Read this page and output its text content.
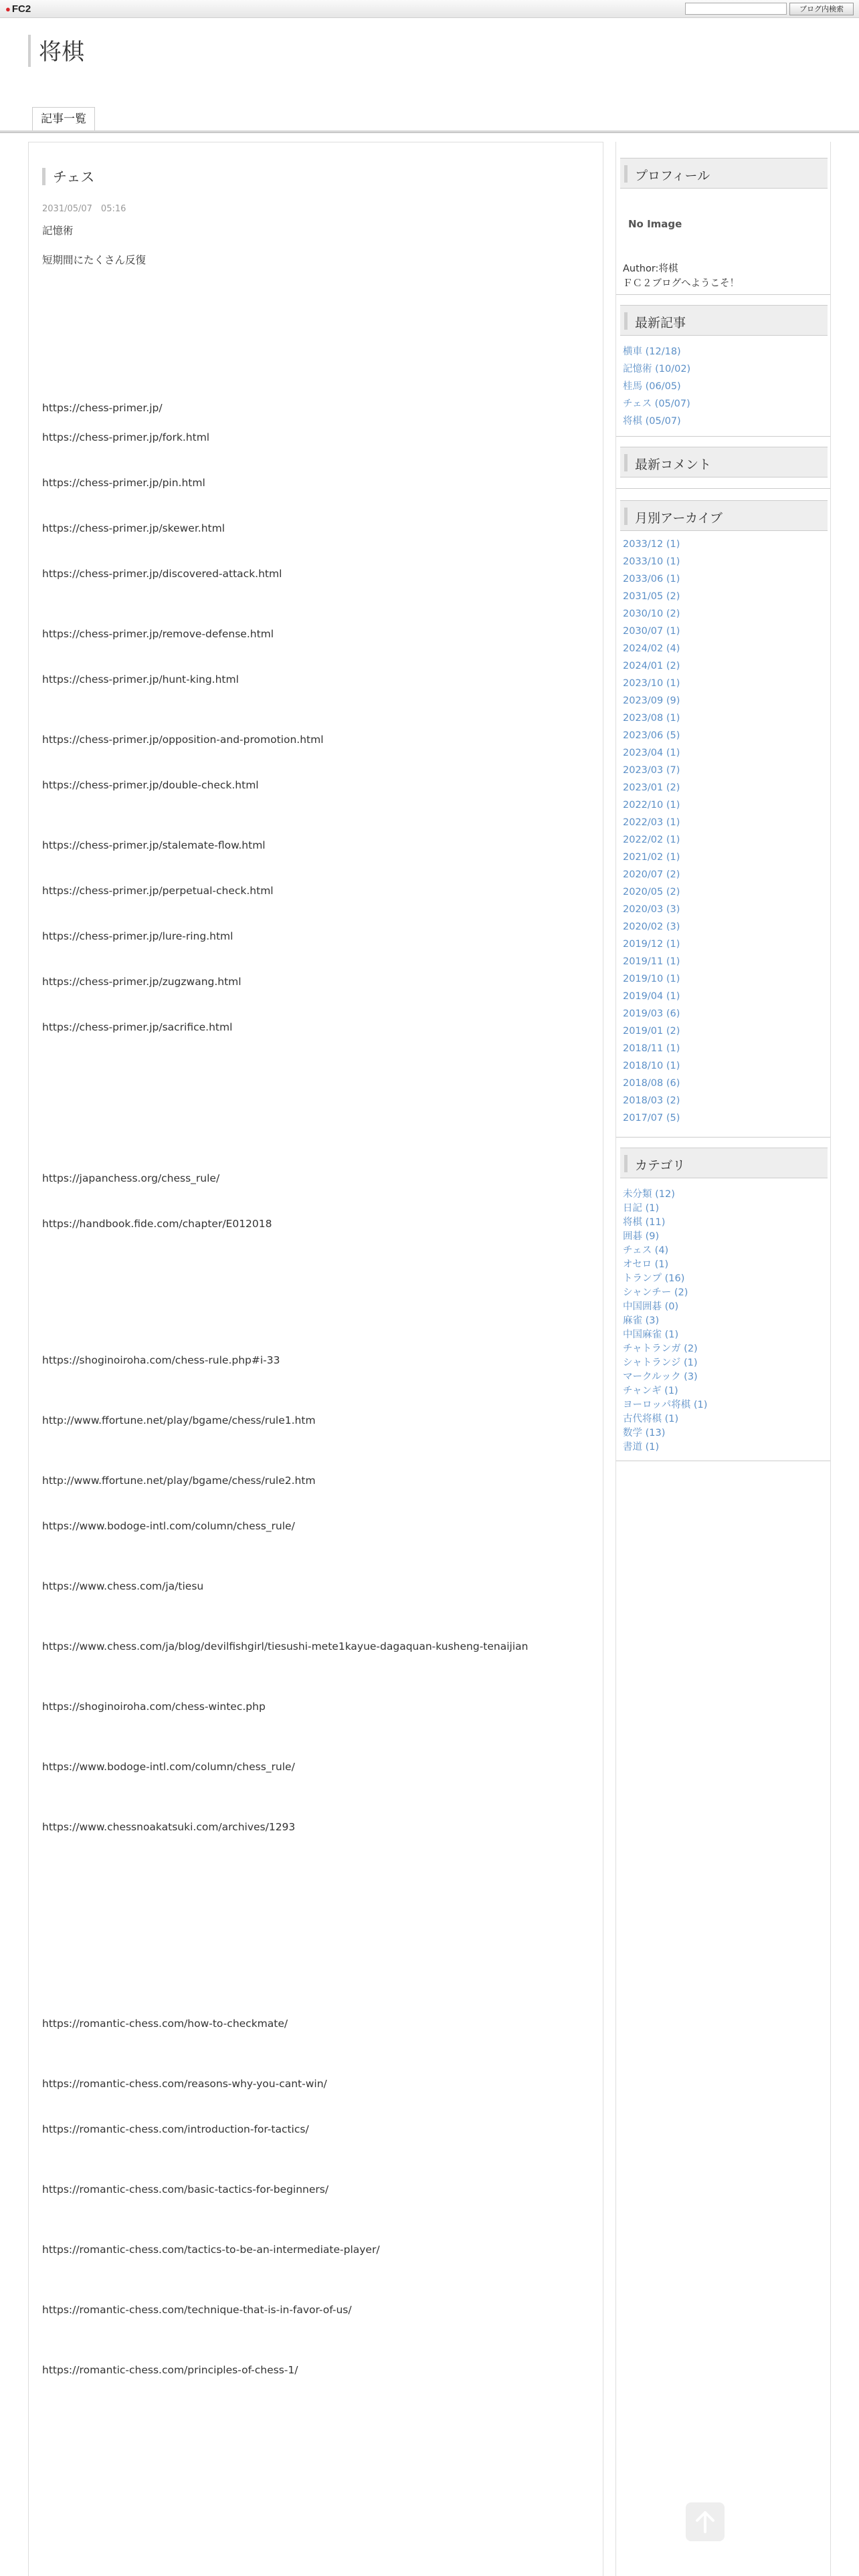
● FC2	ブログ内検索
将棋
記事一覧
チェス
2031/05/07　05:16
記憶術
短期間にたくさん反復
https://chess-primer.jp/
https://chess-primer.jp/fork.html
https://chess-primer.jp/pin.html
https://chess-primer.jp/skewer.html
https://chess-primer.jp/discovered-attack.html
https://chess-primer.jp/remove-defense.html
https://chess-primer.jp/hunt-king.html
https://chess-primer.jp/opposition-and-promotion.html
https://chess-primer.jp/double-check.html
https://chess-primer.jp/stalemate-flow.html
https://chess-primer.jp/perpetual-check.html
https://chess-primer.jp/lure-ring.html
https://chess-primer.jp/zugzwang.html
https://chess-primer.jp/sacrifice.html
https://japanchess.org/chess_rule/
https://handbook.fide.com/chapter/E012018
https://shoginoiroha.com/chess-rule.php#i-33
http://www.ffortune.net/play/bgame/chess/rule1.htm
http://www.ffortune.net/play/bgame/chess/rule2.htm
https://www.bodoge-intl.com/column/chess_rule/
https://www.chess.com/ja/tiesu
https://www.chess.com/ja/blog/devilfishgirl/tiesushi-mete1kayue-dagaquan-kusheng-tenaijian
https://shoginoiroha.com/chess-wintec.php
https://www.bodoge-intl.com/column/chess_rule/
https://www.chessnoakatsuki.com/archives/1293
https://romantic-chess.com/how-to-checkmate/
https://romantic-chess.com/reasons-why-you-cant-win/
https://romantic-chess.com/introduction-for-tactics/
https://romantic-chess.com/basic-tactics-for-beginners/
https://romantic-chess.com/tactics-to-be-an-intermediate-player/
https://romantic-chess.com/technique-that-is-in-favor-of-us/
https://romantic-chess.com/principles-of-chess-1/
プロフィール
No Image
Author:将棋
ＦＣ２ブログへようこそ！
最新記事
横車 (12/18)
記憶術 (10/02)
桂馬 (06/05)
チェス (05/07)
将棋 (05/07)
最新コメント
月別アーカイブ
2033/12 (1)
2033/10 (1)
2033/06 (1)
2031/05 (2)
2030/10 (2)
2030/07 (1)
2024/02 (4)
2024/01 (2)
2023/10 (1)
2023/09 (9)
2023/08 (1)
2023/06 (5)
2023/04 (1)
2023/03 (7)
2023/01 (2)
2022/10 (1)
2022/03 (1)
2022/02 (1)
2021/02 (1)
2020/07 (2)
2020/05 (2)
2020/03 (3)
2020/02 (3)
2019/12 (1)
2019/11 (1)
2019/10 (1)
2019/04 (1)
2019/03 (6)
2019/01 (2)
2018/11 (1)
2018/10 (1)
2018/08 (6)
2018/03 (2)
2017/07 (5)
カテゴリ
未分類 (12)
日記 (1)
将棋 (11)
囲碁 (9)
チェス (4)
オセロ (1)
トランプ (16)
シャンチー (2)
中国囲碁 (0)
麻雀 (3)
中国麻雀 (1)
チャトランガ (2)
シャトランジ (1)
マークルック (3)
チャンギ (1)
ヨーロッパ将棋 (1)
古代将棋 (1)
数学 (13)
書道 (1)
